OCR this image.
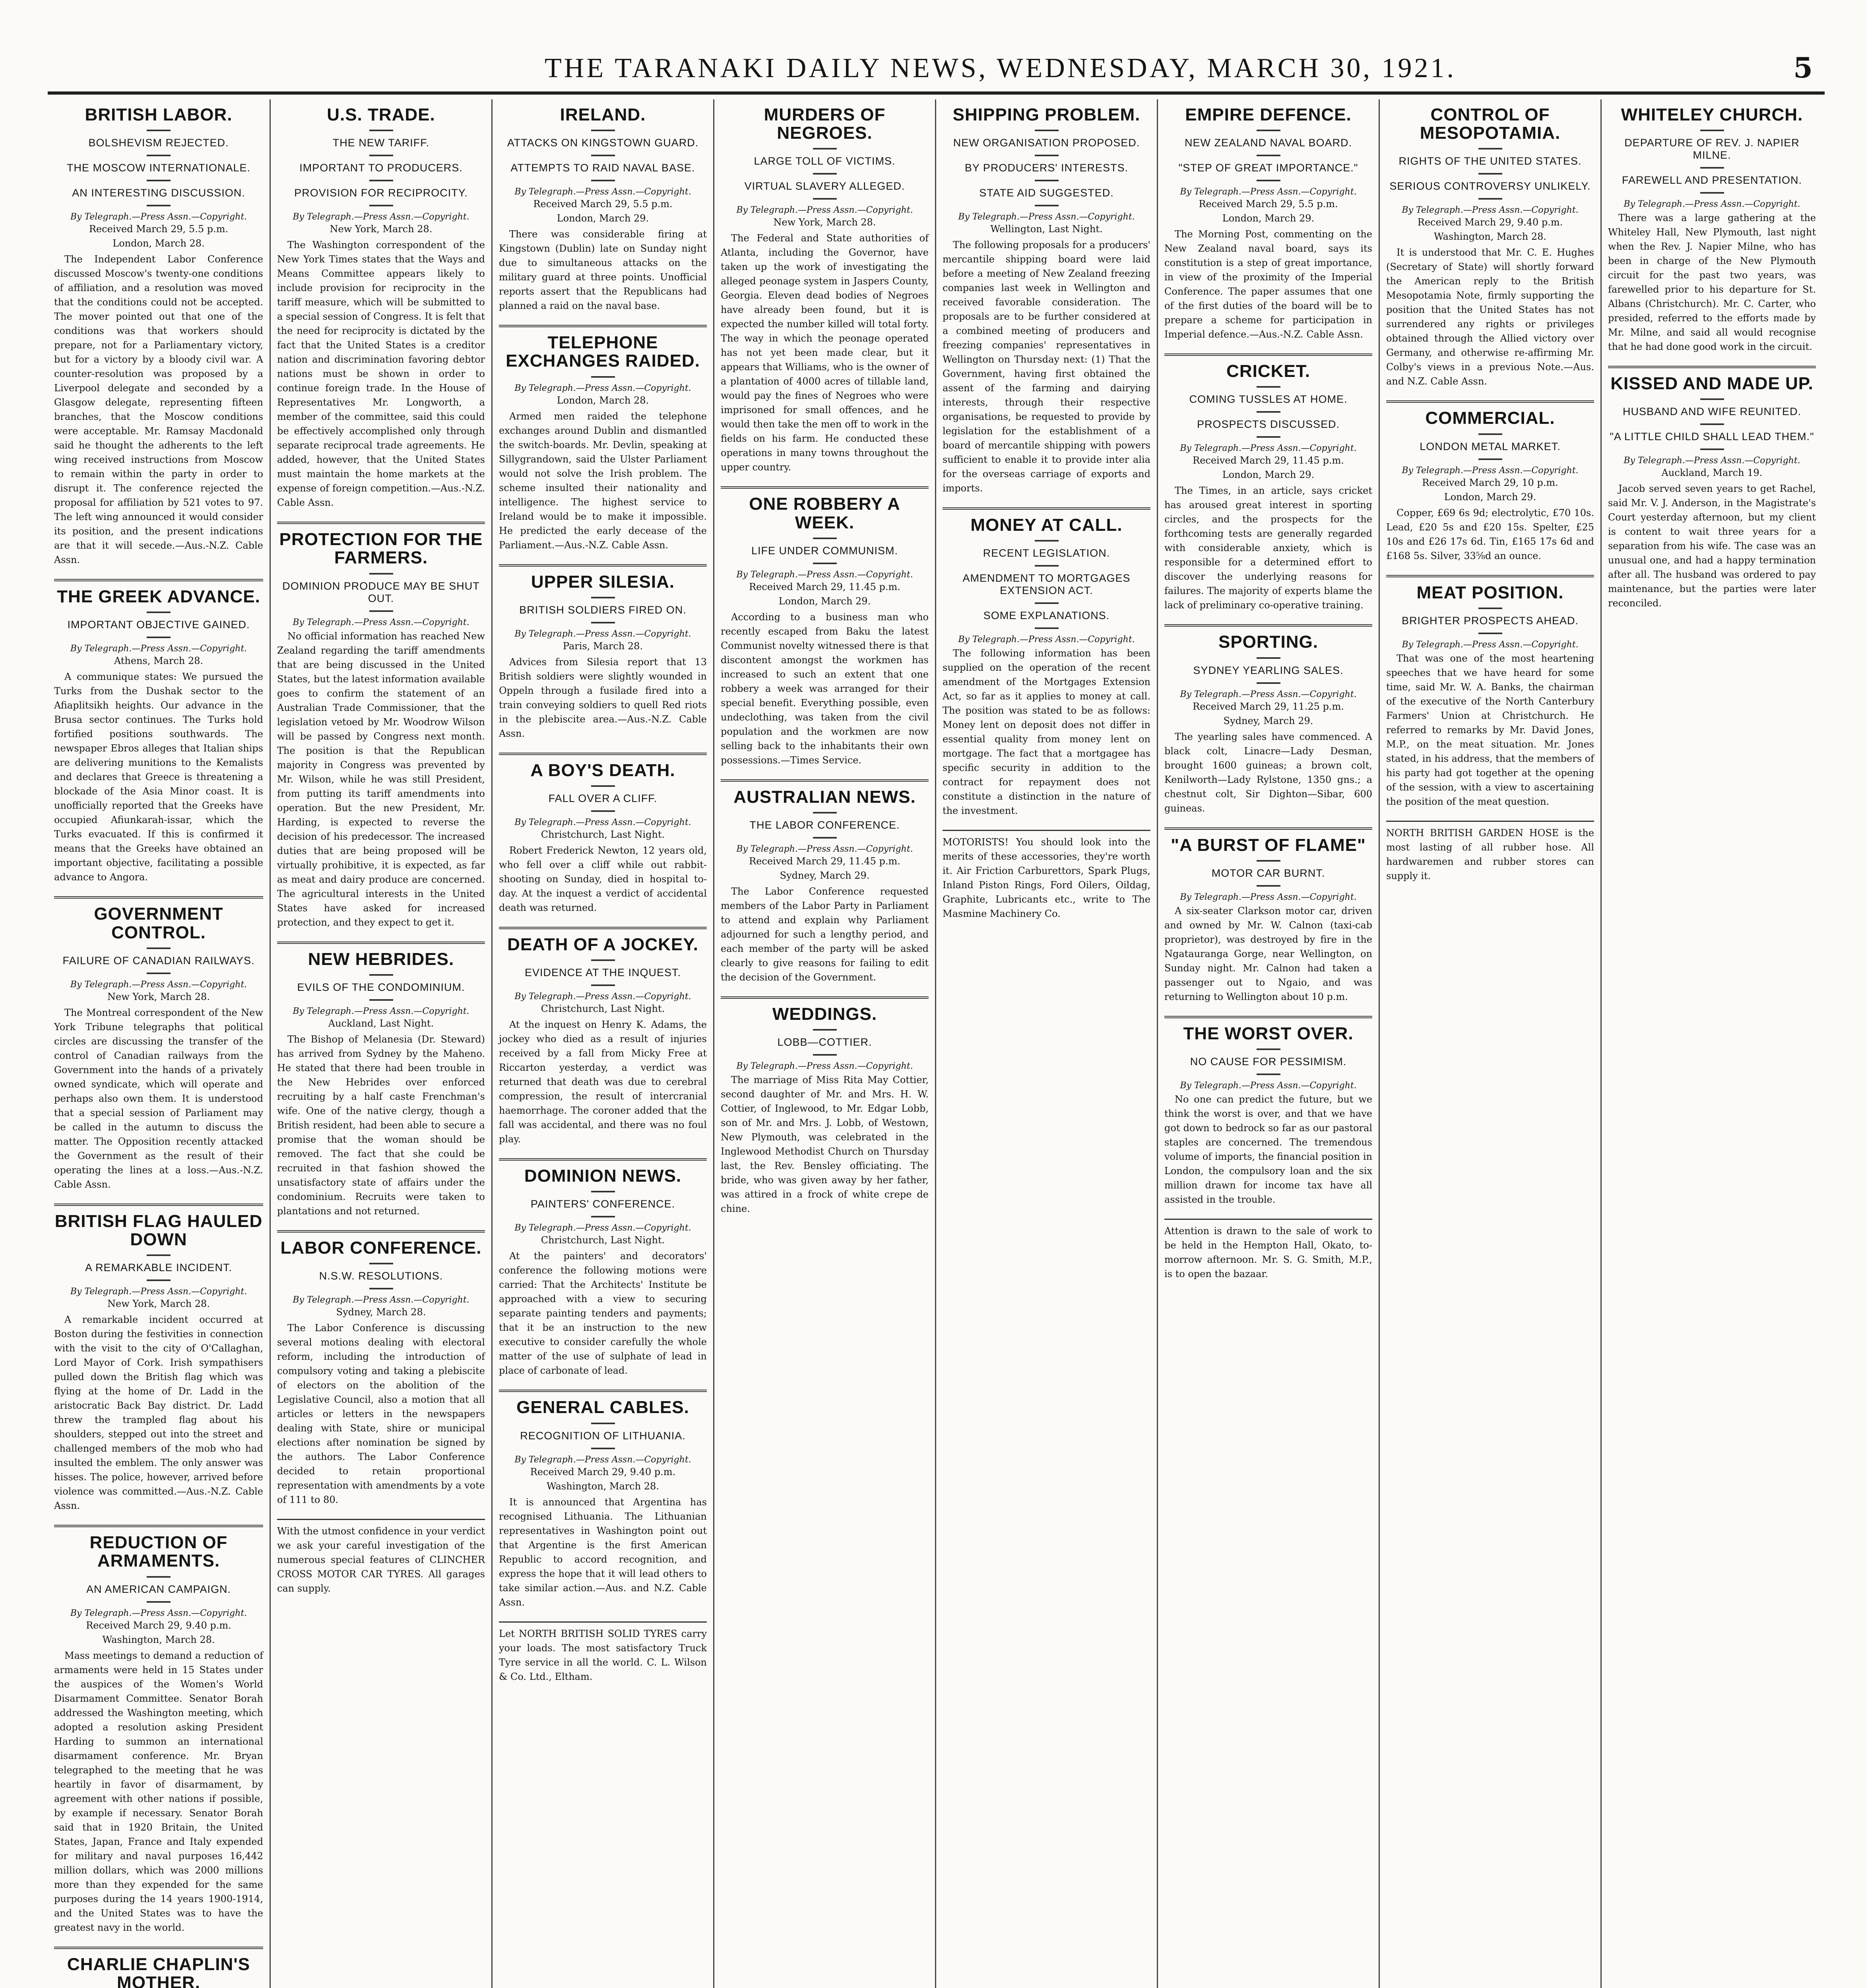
THE TARANAKI DAILY NEWS, WEDNESDAY, MARCH 30, 1921.	5
BRITISH LABOR.
BOLSHEVISM REJECTED.
THE MOSCOW INTERNATIONALE.
AN INTERESTING DISCUSSION.
By Telegraph.—Press Assn.—Copyright.
Received March 29, 5.5 p.m.
London, March 28.

The Independent Labor Conference discussed Moscow's twenty-one conditions of affiliation, and a resolution was moved that the conditions could not be accepted. The mover pointed out that one of the conditions was that workers should prepare, not for a Parliamentary victory, but for a victory by a bloody civil war. A counter-resolution was proposed by a Liverpool delegate and seconded by a Glasgow delegate, representing fifteen branches, that the Moscow conditions were acceptable. Mr. Ramsay Macdonald said he thought the adherents to the left wing received instructions from Moscow to remain within the party in order to disrupt it. The conference rejected the proposal for affiliation by 521 votes to 97. The left wing announced it would consider its position, and the present indications are that it will secede.—Aus.-N.Z. Cable Assn.

THE GREEK ADVANCE.
IMPORTANT OBJECTIVE GAINED.
By Telegraph.—Press Assn.—Copyright.
Athens, March 28.

A communique states: We pursued the Turks from the Dushak sector to the Afiaplitsikh heights. Our advance in the Brusa sector continues. The Turks hold fortified positions southwards. The newspaper Ebros alleges that Italian ships are delivering munitions to the Kemalists and declares that Greece is threatening a blockade of the Asia Minor coast. It is unofficially reported that the Greeks have occupied Afiunkarah-issar, which the Turks evacuated. If this is confirmed it means that the Greeks have obtained an important objective, facilitating a possible advance to Angora.

GOVERNMENT CONTROL.
FAILURE OF CANADIAN RAILWAYS.
By Telegraph.—Press Assn.—Copyright.
New York, March 28.

The Montreal correspondent of the New York Tribune telegraphs that political circles are discussing the transfer of the control of Canadian railways from the Government into the hands of a privately owned syndicate, which will operate and perhaps also own them. It is understood that a special session of Parliament may be called in the autumn to discuss the matter. The Opposition recently attacked the Government as the result of their operating the lines at a loss.—Aus.-N.Z. Cable Assn.

BRITISH FLAG HAULED DOWN
A REMARKABLE INCIDENT.
By Telegraph.—Press Assn.—Copyright.
New York, March 28.

A remarkable incident occurred at Boston during the festivities in connection with the visit to the city of O'Callaghan, Lord Mayor of Cork. Irish sympathisers pulled down the British flag which was flying at the home of Dr. Ladd in the aristocratic Back Bay district. Dr. Ladd threw the trampled flag about his shoulders, stepped out into the street and challenged members of the mob who had insulted the emblem. The only answer was hisses. The police, however, arrived before violence was committed.—Aus.-N.Z. Cable Assn.

REDUCTION OF ARMAMENTS.
AN AMERICAN CAMPAIGN.
By Telegraph.—Press Assn.—Copyright.
Received March 29, 9.40 p.m.
Washington, March 28.

Mass meetings to demand a reduction of armaments were held in 15 States under the auspices of the Women's World Disarmament Committee. Senator Borah addressed the Washington meeting, which adopted a resolution asking President Harding to summon an international disarmament conference. Mr. Bryan telegraphed to the meeting that he was heartily in favor of disarmament, by agreement with other nations if possible, by example if necessary. Senator Borah said that in 1920 Britain, the United States, Japan, France and Italy expended for military and naval purposes 16,442 million dollars, which was 2000 millions more than they expended for the same purposes during the 14 years 1900-1914, and the United States was to have the greatest navy in the world.

CHARLIE CHAPLIN'S MOTHER.

U.S. TRADE.
THE NEW TARIFF.
IMPORTANT TO PRODUCERS.
PROVISION FOR RECIPROCITY.
By Telegraph.—Press Assn.—Copyright.
New York, March 28.

The Washington correspondent of the New York Times states that the Ways and Means Committee appears likely to include provision for reciprocity in the tariff measure, which will be submitted to a special session of Congress. It is felt that the need for reciprocity is dictated by the fact that the United States is a creditor nation and discrimination favoring debtor nations must be shown in order to continue foreign trade. In the House of Representatives Mr. Longworth, a member of the committee, said this could be effectively accomplished only through separate reciprocal trade agreements. He added, however, that the United States must maintain the home markets at the expense of foreign competition.—Aus.-N.Z. Cable Assn.

PROTECTION FOR THE FARMERS.
DOMINION PRODUCE MAY BE SHUT OUT.
By Telegraph.—Press Assn.—Copyright.

No official information has reached New Zealand regarding the tariff amendments that are being discussed in the United States, but the latest information available goes to confirm the statement of an Australian Trade Commissioner, that the legislation vetoed by Mr. Woodrow Wilson will be passed by Congress next month. The position is that the Republican majority in Congress was prevented by Mr. Wilson, while he was still President, from putting its tariff amendments into operation. But the new President, Mr. Harding, is expected to reverse the decision of his predecessor. The increased duties that are being proposed will be virtually prohibitive, it is expected, as far as meat and dairy produce are concerned. The agricultural interests in the United States have asked for increased protection, and they expect to get it.

NEW HEBRIDES.
EVILS OF THE CONDOMINIUM.
By Telegraph.—Press Assn.—Copyright.
Auckland, Last Night.

The Bishop of Melanesia (Dr. Steward) has arrived from Sydney by the Maheno. He stated that there had been trouble in the New Hebrides over enforced recruiting by a half caste Frenchman's wife. One of the native clergy, though a British resident, had been able to secure a promise that the woman should be removed. The fact that she could be recruited in that fashion showed the unsatisfactory state of affairs under the condominium. Recruits were taken to plantations and not returned.

LABOR CONFERENCE.
N.S.W. RESOLUTIONS.
By Telegraph.—Press Assn.—Copyright.
Sydney, March 28.

The Labor Conference is discussing several motions dealing with electoral reform, including the introduction of compulsory voting and taking a plebiscite of electors on the abolition of the Legislative Council, also a motion that all articles or letters in the newspapers dealing with State, shire or municipal elections after nomination be signed by the authors. The Labor Conference decided to retain proportional representation with amendments by a vote of 111 to 80.

With the utmost confidence in your verdict we ask your careful investigation of the numerous special features of CLINCHER CROSS MOTOR CAR TYRES. All garages can supply.
IRELAND.
ATTACKS ON KINGSTOWN GUARD.
ATTEMPTS TO RAID NAVAL BASE.
By Telegraph.—Press Assn.—Copyright.
Received March 29, 5.5 p.m.
London, March 29.

There was considerable firing at Kingstown (Dublin) late on Sunday night due to simultaneous attacks on the military guard at three points. Unofficial reports assert that the Republicans had planned a raid on the naval base.

TELEPHONE EXCHANGES RAIDED.
By Telegraph.—Press Assn.—Copyright.
London, March 28.

Armed men raided the telephone exchanges around Dublin and dismantled the switch-boards. Mr. Devlin, speaking at Sillygrandown, said the Ulster Parliament would not solve the Irish problem. The scheme insulted their nationality and intelligence. The highest service to Ireland would be to make it impossible. He predicted the early decease of the Parliament.—Aus.-N.Z. Cable Assn.

UPPER SILESIA.
BRITISH SOLDIERS FIRED ON.
By Telegraph.—Press Assn.—Copyright.
Paris, March 28.

Advices from Silesia report that 13 British soldiers were slightly wounded in Oppeln through a fusilade fired into a train conveying soldiers to quell Red riots in the plebiscite area.—Aus.-N.Z. Cable Assn.

A BOY'S DEATH.
FALL OVER A CLIFF.
By Telegraph.—Press Assn.—Copyright.
Christchurch, Last Night.

Robert Frederick Newton, 12 years old, who fell over a cliff while out rabbit-shooting on Sunday, died in hospital to-day. At the inquest a verdict of accidental death was returned.

DEATH OF A JOCKEY.
EVIDENCE AT THE INQUEST.
By Telegraph.—Press Assn.—Copyright.
Christchurch, Last Night.

At the inquest on Henry K. Adams, the jockey who died as a result of injuries received by a fall from Micky Free at Riccarton yesterday, a verdict was returned that death was due to cerebral compression, the result of intercranial haemorrhage. The coroner added that the fall was accidental, and there was no foul play.

DOMINION NEWS.
PAINTERS' CONFERENCE.
By Telegraph.—Press Assn.—Copyright.
Christchurch, Last Night.

At the painters' and decorators' conference the following motions were carried: That the Architects' Institute be approached with a view to securing separate painting tenders and payments; that it be an instruction to the new executive to consider carefully the whole matter of the use of sulphate of lead in place of carbonate of lead.

GENERAL CABLES.
RECOGNITION OF LITHUANIA.
By Telegraph.—Press Assn.—Copyright.
Received March 29, 9.40 p.m.
Washington, March 28.

It is announced that Argentina has recognised Lithuania. The Lithuanian representatives in Washington point out that Argentine is the first American Republic to accord recognition, and express the hope that it will lead others to take similar action.—Aus. and N.Z. Cable Assn.

Let NORTH BRITISH SOLID TYRES carry your loads. The most satisfactory Truck Tyre service in all the world. C. L. Wilson & Co. Ltd., Eltham.
MURDERS OF NEGROES.
LARGE TOLL OF VICTIMS.
VIRTUAL SLAVERY ALLEGED.
By Telegraph.—Press Assn.—Copyright.
New York, March 28.

The Federal and State authorities of Atlanta, including the Governor, have taken up the work of investigating the alleged peonage system in Jaspers County, Georgia. Eleven dead bodies of Negroes have already been found, but it is expected the number killed will total forty. The way in which the peonage operated has not yet been made clear, but it appears that Williams, who is the owner of a plantation of 4000 acres of tillable land, would pay the fines of Negroes who were imprisoned for small offences, and he would then take the men off to work in the fields on his farm. He conducted these operations in many towns throughout the upper country.

ONE ROBBERY A WEEK.
LIFE UNDER COMMUNISM.
By Telegraph.—Press Assn.—Copyright.
Received March 29, 11.45 p.m.
London, March 29.

According to a business man who recently escaped from Baku the latest Communist novelty witnessed there is that discontent amongst the workmen has increased to such an extent that one robbery a week was arranged for their special benefit. Everything possible, even undeclothing, was taken from the civil population and the workmen are now selling back to the inhabitants their own possessions.—Times Service.

AUSTRALIAN NEWS.
THE LABOR CONFERENCE.
By Telegraph.—Press Assn.—Copyright.
Received March 29, 11.45 p.m.
Sydney, March 29.

The Labor Conference requested members of the Labor Party in Parliament to attend and explain why Parliament adjourned for such a lengthy period, and each member of the party will be asked clearly to give reasons for failing to edit the decision of the Government.

WEDDINGS.
LOBB—COTTIER.
By Telegraph.—Press Assn.—Copyright.

The marriage of Miss Rita May Cottier, second daughter of Mr. and Mrs. H. W. Cottier, of Inglewood, to Mr. Edgar Lobb, son of Mr. and Mrs. J. Lobb, of Westown, New Plymouth, was celebrated in the Inglewood Methodist Church on Thursday last, the Rev. Bensley officiating. The bride, who was given away by her father, was attired in a frock of white crepe de chine.

SHIPPING PROBLEM.
NEW ORGANISATION PROPOSED.
BY PRODUCERS' INTERESTS.
STATE AID SUGGESTED.
By Telegraph.—Press Assn.—Copyright.
Wellington, Last Night.

The following proposals for a producers' mercantile shipping board were laid before a meeting of New Zealand freezing companies last week in Wellington and received favorable consideration. The proposals are to be further considered at a combined meeting of producers and freezing companies' representatives in Wellington on Thursday next: (1) That the Government, having first obtained the assent of the farming and dairying interests, through their respective organisations, be requested to provide by legislation for the establishment of a board of mercantile shipping with powers sufficient to enable it to provide inter alia for the overseas carriage of exports and imports.

MONEY AT CALL.
RECENT LEGISLATION.
AMENDMENT TO MORTGAGES EXTENSION ACT.
SOME EXPLANATIONS.
By Telegraph.—Press Assn.—Copyright.

The following information has been supplied on the operation of the recent amendment of the Mortgages Extension Act, so far as it applies to money at call. The position was stated to be as follows: Money lent on deposit does not differ in essential quality from money lent on mortgage. The fact that a mortgagee has specific security in addition to the contract for repayment does not constitute a distinction in the nature of the investment.

MOTORISTS! You should look into the merits of these accessories, they're worth it. Air Friction Carburettors, Spark Plugs, Inland Piston Rings, Ford Oilers, Oildag, Graphite, Lubricants etc., write to The Masmine Machinery Co.
EMPIRE DEFENCE.
NEW ZEALAND NAVAL BOARD.
"STEP OF GREAT IMPORTANCE."
By Telegraph.—Press Assn.—Copyright.
Received March 29, 5.5 p.m.
London, March 29.

The Morning Post, commenting on the New Zealand naval board, says its constitution is a step of great importance, in view of the proximity of the Imperial Conference. The paper assumes that one of the first duties of the board will be to prepare a scheme for participation in Imperial defence.—Aus.-N.Z. Cable Assn.

CRICKET.
COMING TUSSLES AT HOME.
PROSPECTS DISCUSSED.
By Telegraph.—Press Assn.—Copyright.
Received March 29, 11.45 p.m.
London, March 29.

The Times, in an article, says cricket has aroused great interest in sporting circles, and the prospects for the forthcoming tests are generally regarded with considerable anxiety, which is responsible for a determined effort to discover the underlying reasons for failures. The majority of experts blame the lack of preliminary co-operative training.

SPORTING.
SYDNEY YEARLING SALES.
By Telegraph.—Press Assn.—Copyright.
Received March 29, 11.25 p.m.
Sydney, March 29.

The yearling sales have commenced. A black colt, Linacre—Lady Desman, brought 1600 guineas; a brown colt, Kenilworth—Lady Rylstone, 1350 gns.; a chestnut colt, Sir Dighton—Sibar, 600 guineas.

"A BURST OF FLAME"
MOTOR CAR BURNT.
By Telegraph.—Press Assn.—Copyright.

A six-seater Clarkson motor car, driven and owned by Mr. W. Calnon (taxi-cab proprietor), was destroyed by fire in the Ngatauranga Gorge, near Wellington, on Sunday night. Mr. Calnon had taken a passenger out to Ngaio, and was returning to Wellington about 10 p.m.

THE WORST OVER.
NO CAUSE FOR PESSIMISM.
By Telegraph.—Press Assn.—Copyright.

No one can predict the future, but we think the worst is over, and that we have got down to bedrock so far as our pastoral staples are concerned. The tremendous volume of imports, the financial position in London, the compulsory loan and the six million drawn for income tax have all assisted in the trouble.

Attention is drawn to the sale of work to be held in the Hempton Hall, Okato, to-morrow afternoon. Mr. S. G. Smith, M.P., is to open the bazaar.
CONTROL OF MESOPOTAMIA.
RIGHTS OF THE UNITED STATES.
SERIOUS CONTROVERSY UNLIKELY.
By Telegraph.—Press Assn.—Copyright.
Received March 29, 9.40 p.m.
Washington, March 28.

It is understood that Mr. C. E. Hughes (Secretary of State) will shortly forward the American reply to the British Mesopotamia Note, firmly supporting the position that the United States has not surrendered any rights or privileges obtained through the Allied victory over Germany, and otherwise re-affirming Mr. Colby's views in a previous Note.—Aus. and N.Z. Cable Assn.

COMMERCIAL.
LONDON METAL MARKET.
By Telegraph.—Press Assn.—Copyright.
Received March 29, 10 p.m.
London, March 29.

Copper, £69 6s 9d; electrolytic, £70 10s. Lead, £20 5s and £20 15s. Spelter, £25 10s and £26 17s 6d. Tin, £165 17s 6d and £168 5s. Silver, 33⅝d an ounce.

MEAT POSITION.
BRIGHTER PROSPECTS AHEAD.
By Telegraph.—Press Assn.—Copyright.

That was one of the most heartening speeches that we have heard for some time, said Mr. W. A. Banks, the chairman of the executive of the North Canterbury Farmers' Union at Christchurch. He referred to remarks by Mr. David Jones, M.P., on the meat situation. Mr. Jones stated, in his address, that the members of his party had got together at the opening of the session, with a view to ascertaining the position of the meat question.

NORTH BRITISH GARDEN HOSE is the most lasting of all rubber hose. All hardwaremen and rubber stores can supply it.
WHITELEY CHURCH.
DEPARTURE OF REV. J. NAPIER MILNE.
FAREWELL AND PRESENTATION.
By Telegraph.—Press Assn.—Copyright.

There was a large gathering at the Whiteley Hall, New Plymouth, last night when the Rev. J. Napier Milne, who has been in charge of the New Plymouth circuit for the past two years, was farewelled prior to his departure for St. Albans (Christchurch). Mr. C. Carter, who presided, referred to the efforts made by Mr. Milne, and said all would recognise that he had done good work in the circuit.

KISSED AND MADE UP.
HUSBAND AND WIFE REUNITED.
"A LITTLE CHILD SHALL LEAD THEM."
By Telegraph.—Press Assn.—Copyright.
Auckland, March 19.

Jacob served seven years to get Rachel, said Mr. V. J. Anderson, in the Magistrate's Court yesterday afternoon, but my client is content to wait three years for a separation from his wife. The case was an unusual one, and had a happy termination after all. The husband was ordered to pay maintenance, but the parties were later reconciled.
